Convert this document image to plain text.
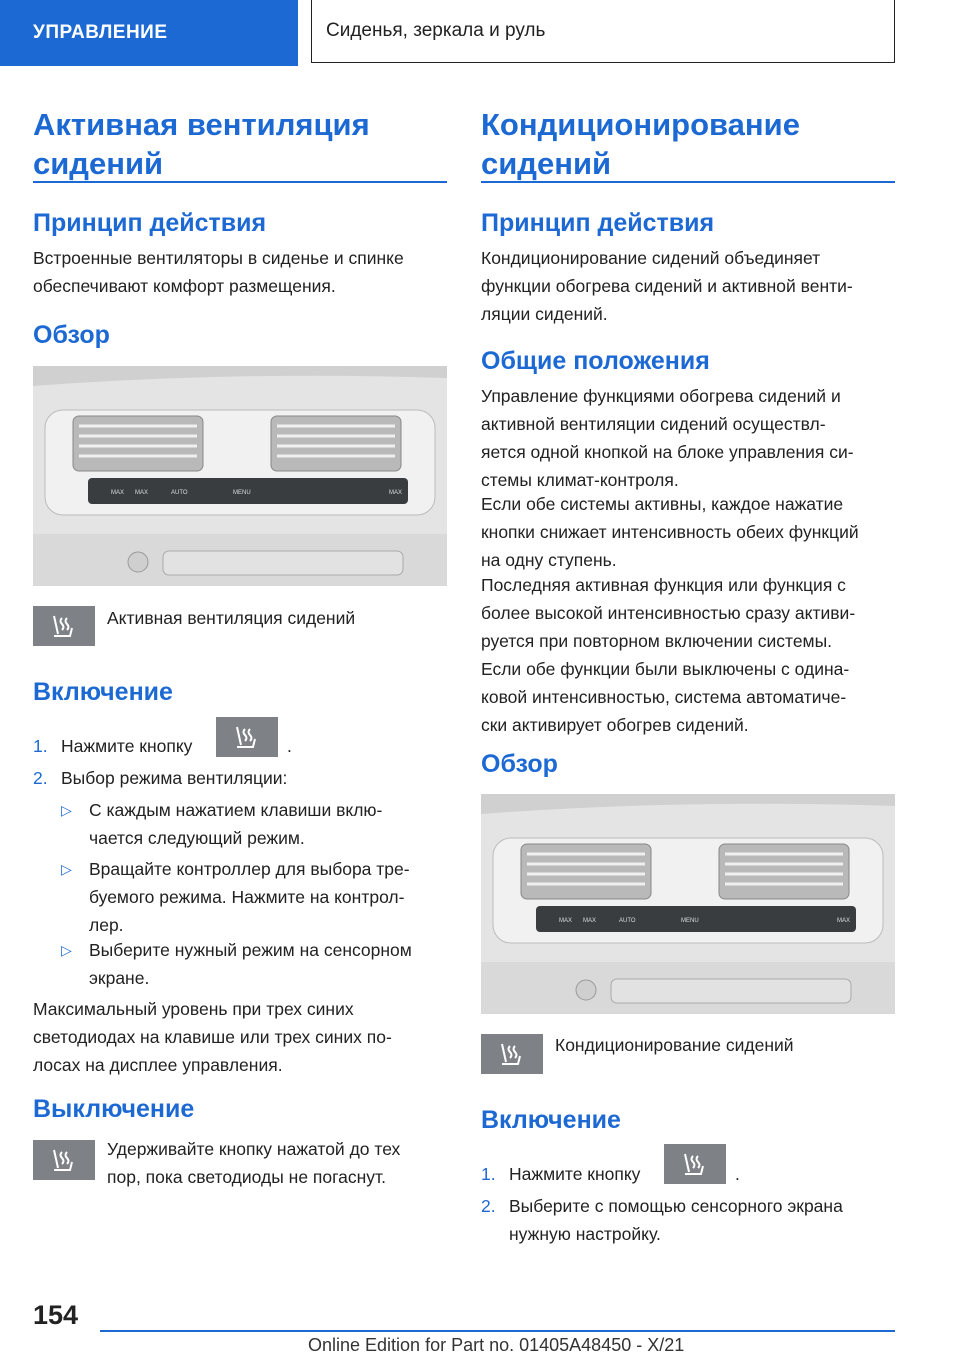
УПРАВЛЕНИЕ	Сиденья, зеркала и руль
Активная вентиляция
сидений
Принцип действия
Встроенные вентиляторы в сиденье и спинке
обеспечивают комфорт размещения.
Обзор
MAX MAX	AUTO	MENU	MAX
Активная вентиляция сидений
Включение
1. Нажмите кнопку	.
2. Выбор режима вентиляции:
▷ С каждым нажатием клавиши вклю-
чается следующий режим.
▷ Вращайте контроллер для выбора тре-
буемого режима. Нажмите на контрол-
лер.
▷ Выберите нужный режим на сенсорном
экране.
Максимальный уровень при трех синих
светодиодах на клавише или трех синих по-
лосах на дисплее управления.
Выключение
Удерживайте кнопку нажатой до тех
пор, пока светодиоды не погаснут.
Кондиционирование
сидений
Принцип действия
Кондиционирование сидений объединяет
функции обогрева сидений и активной венти-
ляции сидений.
Общие положения
Управление функциями обогрева сидений и
активной вентиляции сидений осуществл-
яется одной кнопкой на блоке управления си-
стемы климат-контроля.
Если обе системы активны, каждое нажатие
кнопки снижает интенсивность обеих функций
на одну ступень.
Последняя активная функция или функция с
более высокой интенсивностью сразу активи-
руется при повторном включении системы.
Если обе функции были выключены с одина-
ковой интенсивностью, система автоматиче-
ски активирует обогрев сидений.
Обзор
MAX MAX	AUTO	MENU	MAX
Кондиционирование сидений
Включение
1. Нажмите кнопку	.
2. Выберите с помощью сенсорного экрана
нужную настройку.
154
Online Edition for Part no. 01405A48450 - X/21
